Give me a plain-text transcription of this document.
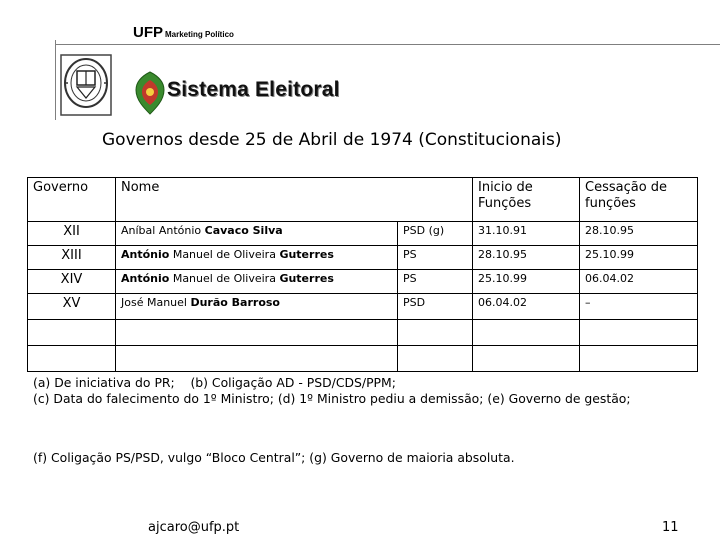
UFP Marketing Político
Sistema Eleitoral
Governos desde 25 de Abril de 1974 (Constitucionais)
Governo	Nome		Inicio de Funções	Cessação de funções
XII	Aníbal António Cavaco Silva	PSD (g)	31.10.91	28.10.95
XIII	António Manuel de Oliveira Guterres	PS	28.10.95	25.10.99
XIV	António Manuel de Oliveira Guterres	PS	25.10.99	06.04.02
XV	José Manuel Durão Barroso	PSD	06.04.02	–

(a) De iniciativa do PR;    (b) Coligação AD - PSD/CDS/PPM;

(c) Data do falecimento do 1º Ministro; (d) 1º Ministro pediu a demissão; (e) Governo de gestão;

(f) Coligação PS/PSD, vulgo “Bloco Central”; (g) Governo de maioria absoluta.
ajcaro@ufp.pt	11
